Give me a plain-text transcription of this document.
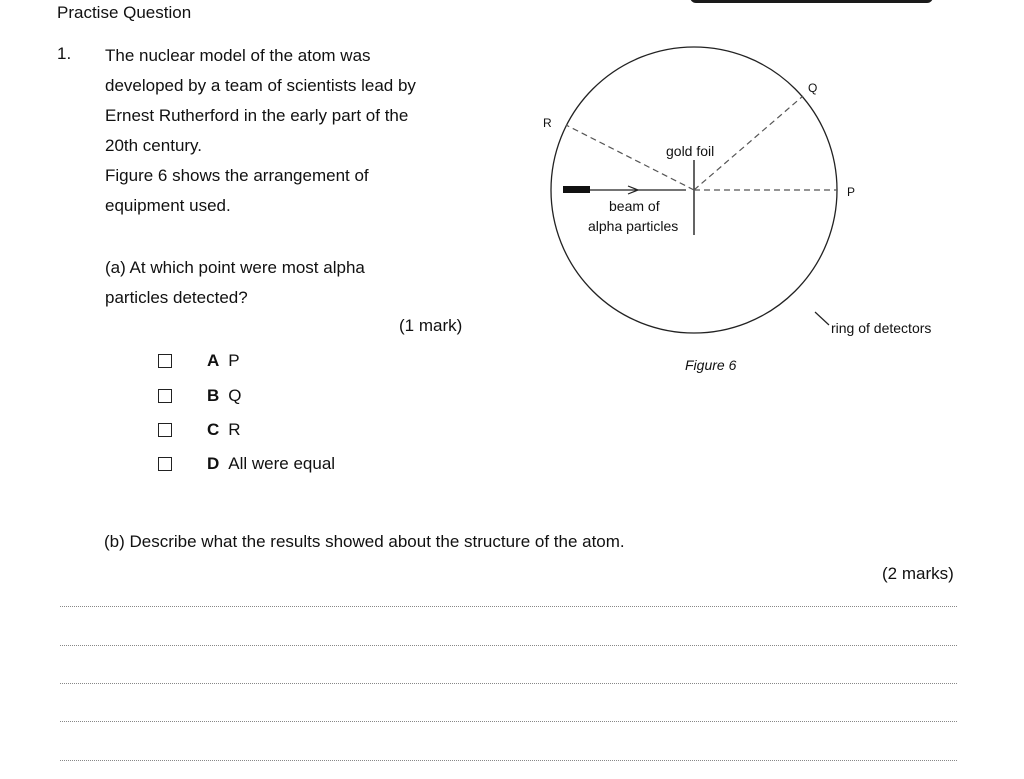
Practise Question
1. The nuclear model of the atom was

developed by a team of scientists lead by

Ernest Rutherford in the early part of the

20th century.

Figure 6 shows the arrangement of

equipment used.

(a) At which point were most alpha
particles detected?
(1 mark)
A P
B Q
C R
D All were equal
gold foil
beam of
alpha particles
ring of detectors
P
Q
R
Figure 6
(b) Describe what the results showed about the structure of the atom.
(2 marks)
